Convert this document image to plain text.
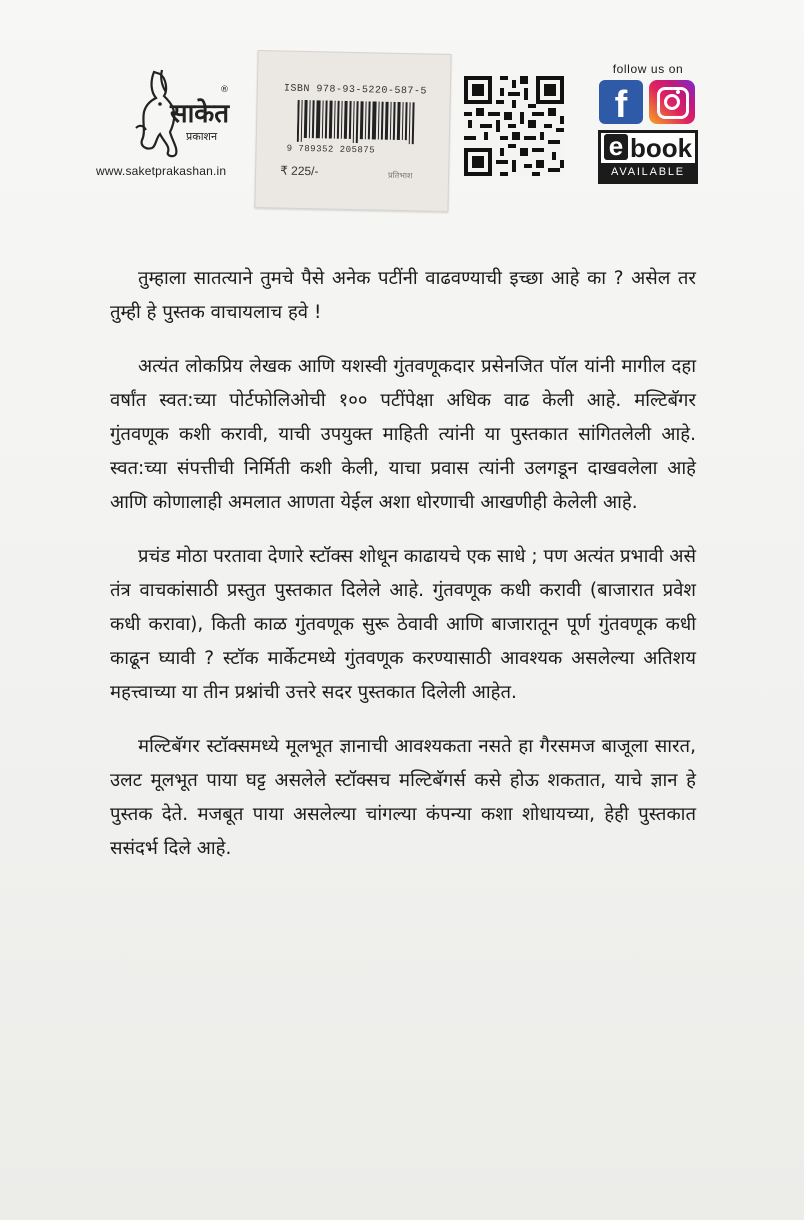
साकेत
प्रकाशन
®
www.saketprakashan.in
ISBN 978-93-5220-587-5
9 789352 205875
₹ 225/-	प्रतिभाश
follow us on
f
e book
AVAILABLE

तुम्हाला सातत्याने तुमचे पैसे अनेक पटींनी वाढवण्याची इच्छा आहे का ? असेल तर तुम्ही हे पुस्तक वाचायलाच हवे !

अत्यंत लोकप्रिय लेखक आणि यशस्वी गुंतवणूकदार प्रसेनजित पॉल यांनी मागील दहा वर्षांत स्वत:च्या पोर्टफोलिओची १०० पटींपेक्षा अधिक वाढ केली आहे. मल्टिबॅगर गुंतवणूक कशी करावी, याची उपयुक्त माहिती त्यांनी या पुस्तकात सांगितलेली आहे. स्वत:च्या संपत्तीची निर्मिती कशी केली, याचा प्रवास त्यांनी उलगडून दाखवलेला आहे आणि कोणालाही अमलात आणता येईल अशा धोरणाची आखणीही केलेली आहे.

प्रचंड मोठा परतावा देणारे स्टॉक्स शोधून काढायचे एक साधे ; पण अत्यंत प्रभावी असे तंत्र वाचकांसाठी प्रस्तुत पुस्तकात दिलेले आहे. गुंतवणूक कधी करावी (बाजारात प्रवेश कधी करावा), किती काळ गुंतवणूक सुरू ठेवावी आणि बाजारातून पूर्ण गुंतवणूक कधी काढून घ्यावी ? स्टॉक मार्केटमध्ये गुंतवणूक करण्यासाठी आवश्यक असलेल्या अतिशय महत्त्वाच्या या तीन प्रश्नांची उत्तरे सदर पुस्तकात दिलेली आहेत.

मल्टिबॅगर स्टॉक्समध्ये मूलभूत ज्ञानाची आवश्यकता नसते हा गैरसमज बाजूला सारत, उलट मूलभूत पाया घट्ट असलेले स्टॉक्सच मल्टिबॅगर्स कसे होऊ शकतात, याचे ज्ञान हे पुस्तक देते. मजबूत पाया असलेल्या चांगल्या कंपन्या कशा शोधायच्या, हेही पुस्तकात ससंदर्भ दिले आहे.
